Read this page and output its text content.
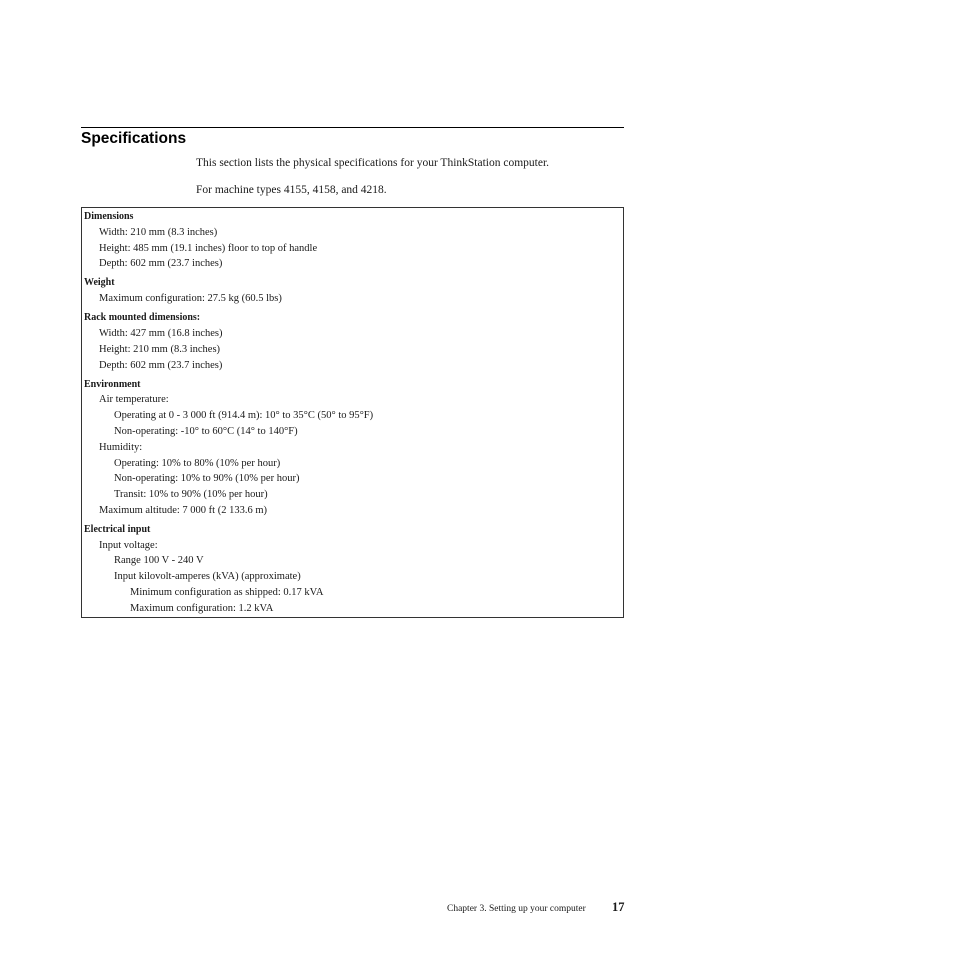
Specifications

This section lists the physical specifications for your ThinkStation computer.

For machine types 4155, 4158, and 4218.

Dimensions
Width: 210 mm (8.3 inches)
Height: 485 mm (19.1 inches) floor to top of handle
Depth: 602 mm (23.7 inches)
Weight
Maximum configuration: 27.5 kg (60.5 lbs)
Rack mounted dimensions:
Width: 427 mm (16.8 inches)
Height: 210 mm (8.3 inches)
Depth: 602 mm (23.7 inches)
Environment
Air temperature:
Operating at 0 - 3 000 ft (914.4 m): 10° to 35°C (50° to 95°F)
Non-operating: -10° to 60°C (14° to 140°F)
Humidity:
Operating: 10% to 80% (10% per hour)
Non-operating: 10% to 90% (10% per hour)
Transit: 10% to 90% (10% per hour)
Maximum altitude: 7 000 ft (2 133.6 m)
Electrical input
Input voltage:
Range 100 V - 240 V
Input kilovolt-amperes (kVA) (approximate)
Minimum configuration as shipped: 0.17 kVA
Maximum configuration: 1.2 kVA
Chapter 3. Setting up your computer 17
